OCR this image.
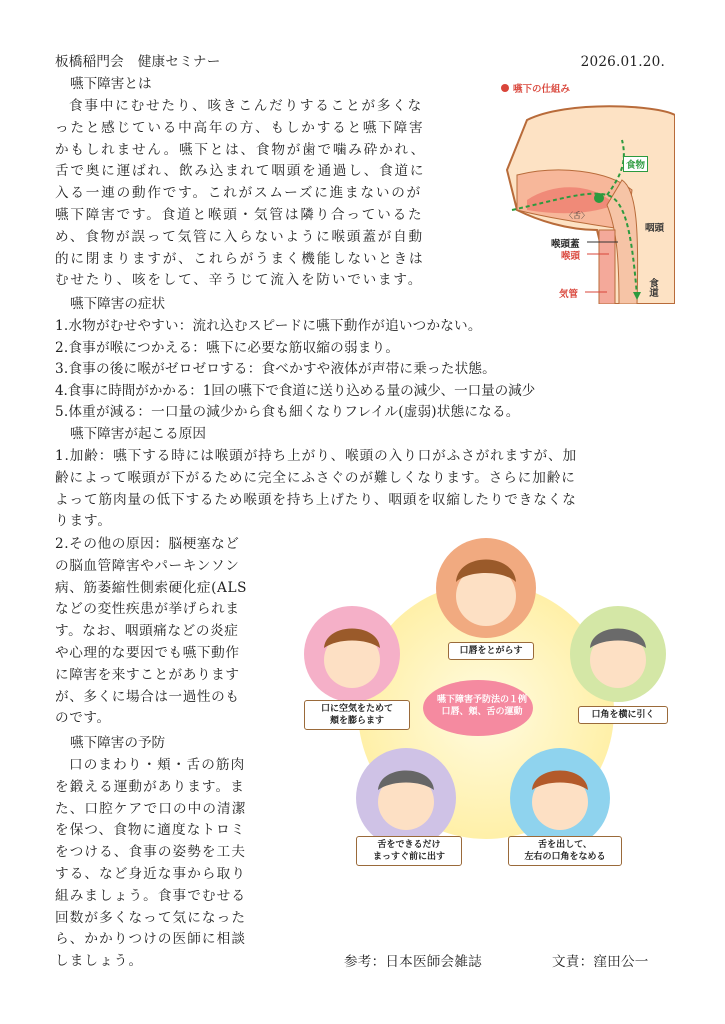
板橋稲門会　健康セミナー	2026.01.20.
嚥下障害とは
食事中にむせたり、咳きこんだりすることが多くな
ったと感じている中高年の方、もしかすると嚥下障害
かもしれません。嚥下とは、食物が歯で噛み砕かれ、
舌で奥に運ばれ、飲み込まれて咽頭を通過し、食道に
入る一連の動作です。これがスムーズに進まないのが
嚥下障害です。食道と喉頭・気管は隣り合っているた
め、食物が誤って気管に入らないように喉頭蓋が自動
的に閉まりますが、これらがうまく機能しないときは
むせたり、咳をして、辛うじて流入を防いでいます。
嚥下の仕組み
食物
〈舌〉
咽頭
喉頭蓋
喉頭
気管	食道
嚥下障害の症状
1.水物がむせやすい：流れ込むスピードに嚥下動作が追いつかない。
2.食事が喉につかえる：嚥下に必要な筋収縮の弱まり。
3.食事の後に喉がゼロゼロする：食べかすや液体が声帯に乗った状態。
4.食事に時間がかかる：1回の嚥下で食道に送り込める量の減少、一口量の減少
5.体重が減る：一口量の減少から食も細くなりフレイル(虚弱)状態になる。
嚥下障害が起こる原因
1.加齢：嚥下する時には喉頭が持ち上がり、喉頭の入り口がふさがれますが、加
齢によって喉頭が下がるために完全にふさぐのが難しくなります。さらに加齢に
よって筋肉量の低下するため喉頭を持ち上げたり、咽頭を収縮したりできなくな
ります。
2.その他の原因：脳梗塞など
の脳血管障害やパーキンソン
病、筋萎縮性側索硬化症(ALS
などの変性疾患が挙げられま
す。なお、咽頭痛などの炎症
や心理的な要因でも嚥下動作
に障害を来すことがあります
が、多くに場合は一過性のも
のです。
嚥下障害の予防
口のまわり・頬・舌の筋肉
を鍛える運動があります。ま
た、口腔ケアで口の中の清潔
を保つ、食物に適度なトロミ
をつける、食事の姿勢を工夫
する、など身近な事から取り
組みましょう。食事でむせる
回数が多くなって気になった
ら、かかりつけの医師に相談
しましょう。
嚥下障害予防法の１例
口唇、頬、舌の運動
口唇をとがらす
口角を横に引く
舌を出して、
左右の口角をなめる
舌をできるだけ
まっすぐ前に出す
口に空気をためて
頬を膨らます
参考：日本医師会雑誌	文責：窪田公一
